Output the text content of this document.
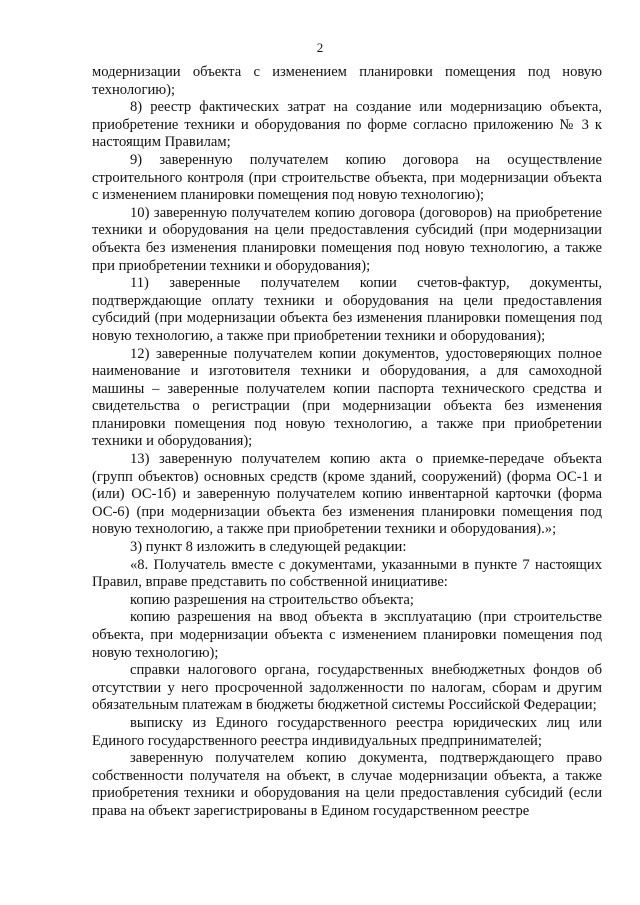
2

модернизации объекта с изменением планировки помещения под новую технологию);

8) реестр фактических затрат на создание или модернизацию объекта, приобретение техники и оборудования по форме согласно приложению № 3 к настоящим Правилам;

9) заверенную получателем копию договора на осуществление строительного контроля (при строительстве объекта, при модернизации объекта с изменением планировки помещения под новую технологию);

10) заверенную получателем копию договора (договоров) на приобретение техники и оборудования на цели предоставления субсидий (при модернизации объекта без изменения планировки помещения под новую технологию, а также при приобретении техники и оборудования);

11) заверенные получателем копии счетов-фактур, документы, подтверждающие оплату техники и оборудования на цели предоставления субсидий (при модернизации объекта без изменения планировки помещения под новую технологию, а также при приобретении техники и оборудования);

12) заверенные получателем копии документов, удостоверяющих полное наименование и изготовителя техники и оборудования, а для самоходной машины – заверенные получателем копии паспорта технического средства и свидетельства о регистрации (при модернизации объекта без изменения планировки помещения под новую технологию, а также при приобретении техники и оборудования);

13) заверенную получателем копию акта о приемке-передаче объекта (групп объектов) основных средств (кроме зданий, сооружений) (форма ОС-1 и (или) ОС-1б) и заверенную получателем копию инвентарной карточки (форма ОС-6) (при модернизации объекта без изменения планировки помещения под новую технологию, а также при приобретении техники и оборудования).»;

3) пункт 8 изложить в следующей редакции:

«8. Получатель вместе с документами, указанными в пункте 7 настоящих Правил, вправе представить по собственной инициативе:

копию разрешения на строительство объекта;

копию разрешения на ввод объекта в эксплуатацию (при строительстве объекта, при модернизации объекта с изменением планировки помещения под новую технологию);

справки налогового органа, государственных внебюджетных фондов об отсутствии у него просроченной задолженности по налогам, сборам и другим обязательным платежам в бюджеты бюджетной системы Российской Федерации;

выписку из Единого государственного реестра юридических лиц или Единого государственного реестра индивидуальных предпринимателей;

заверенную получателем копию документа, подтверждающего право собственности получателя на объект, в случае модернизации объекта, а также приобретения техники и оборудования на цели предоставления субсидий (если права на объект зарегистрированы в Едином государственном реестре
